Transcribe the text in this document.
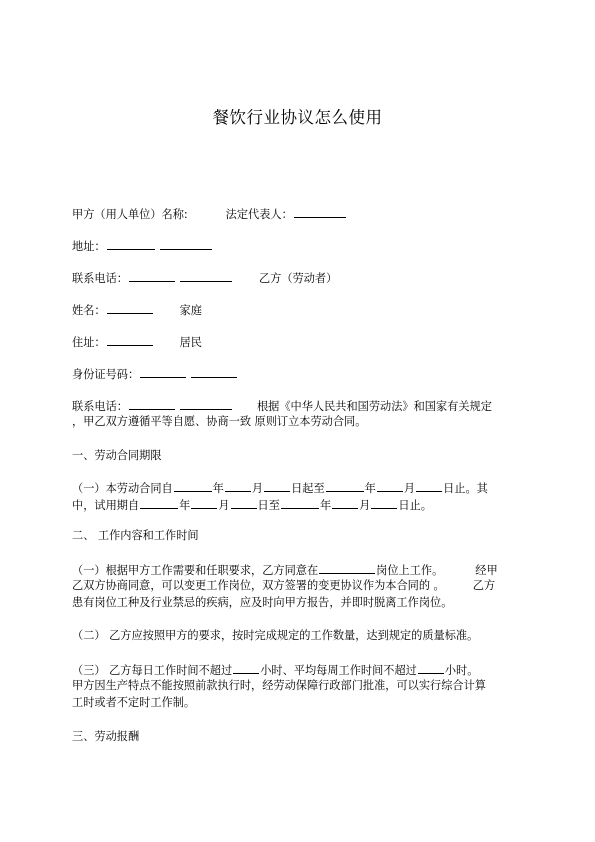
餐饮行业协议怎么使用
甲方（用人单位）名称:	法定代表人：
地址：
联系电话：	乙方（劳动者）
姓名：	家庭
住址：	居民
身份证号码：
联系电话：	根据《中华人民共和国劳动法》和国家有关规定
，甲乙双方遵循平等自愿、协商一致 原则订立本劳动合同。
一、劳动合同期限
（一）本劳动合同自	年	月	日起至	年	月	日止。其
中，试用期自	年	月	日至	年	月	日止。
二、 工作内容和工作时间
（一）根据甲方工作需要和任职要求，乙方同意在	岗位上工作。	经甲
乙双方协商同意，可以变更工作岗位，双方签署的变更协议作为本合同的 。	乙方
患有岗位工种及行业禁忌的疾病，应及时向甲方报告，并即时脱离工作岗位。
（二） 乙方应按照甲方的要求，按时完成规定的工作数量，达到规定的质量标准。
（三） 乙方每日工作时间不超过	小时、平均每周工作时间不超过	小时。
甲方因生产特点不能按照前款执行时，经劳动保障行政部门批准，可以实行综合计算
工时或者不定时工作制。
三、劳动报酬
